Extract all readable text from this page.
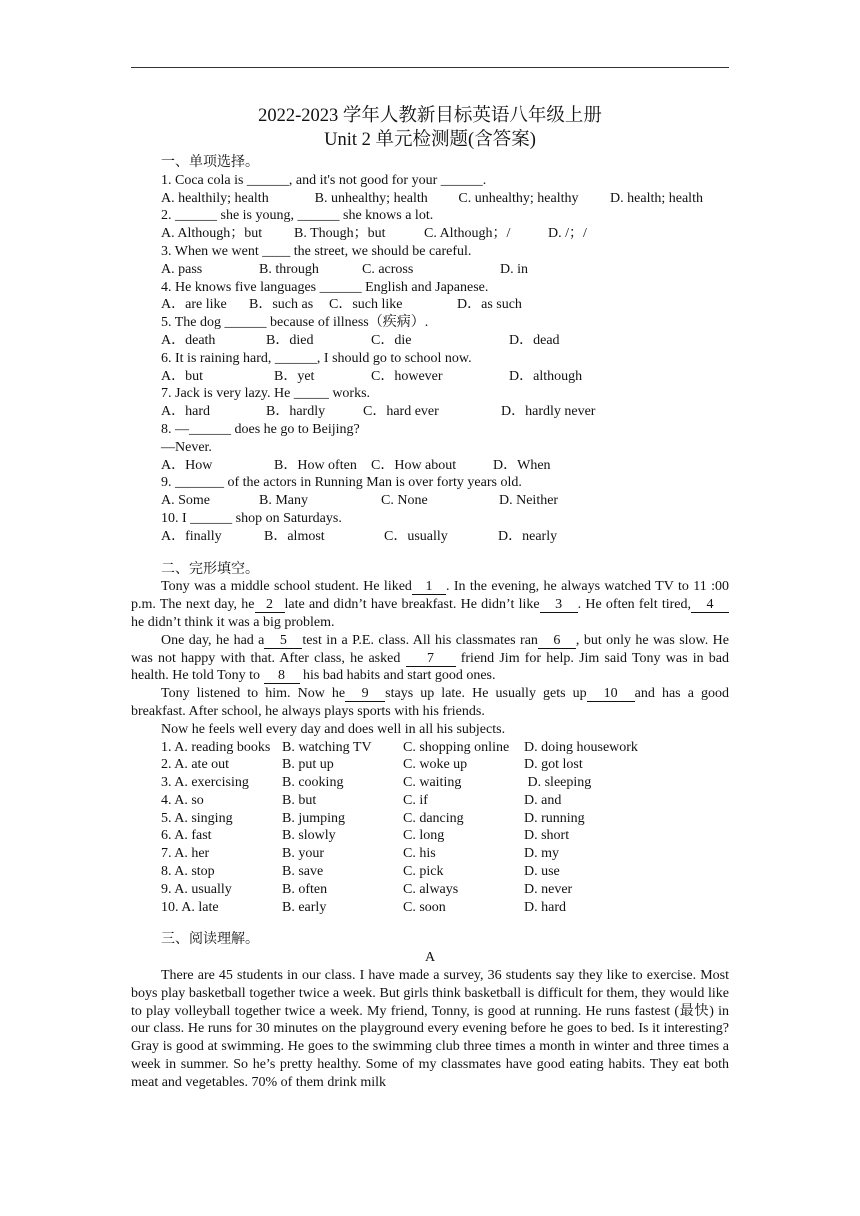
2022-2023 学年人教新目标英语八年级上册

Unit 2 单元检测题(含答案)

一、单项选择。

1. Coca cola is ______, and it's not good for your ______.

A. healthily; health	B. unhealthy; health	C. unhealthy; healthy	D. health; health

2. ______ she is young, ______ she knows a lot.

A. Although；but	B. Though；but	C. Although；/	D. /；/

3. When we went ____ the street, we should be careful.

A. pass	B. through	C. across	D. in

4. He knows five languages ______ English and Japanese.

A．are like	B．such as	C．such like	D．as such

5. The dog ______ because of illness（疾病）.

A．death	B．died	C．die	D．dead

6. It is raining hard, ______, I should go to school now.

A．but	B．yet	C．however	D．although

7. Jack is very lazy. He _____ works.

A．hard	B．hardly	C．hard ever	D．hardly never

8. —______ does he go to Beijing?

—Never.

A．How	B．How often	C．How about	D．When

9. _______ of the actors in Running Man is over forty years old.

A. Some	B. Many	C. None	D. Neither

10. I ______ shop on Saturdays.

A．finally	B．almost	C．usually	D．nearly

二、完形填空。

Tony was a middle school student. He liked 1 . In the evening, he always watched TV to 11 :00 p.m. The next day, he 2 late and didn’t have breakfast. He didn’t like 3 . He often felt tired, 4he didn’t think it was a big problem.

One day, he had a 5 test in a P.E. class. All his classmates ran 6 , but only he was slow. He was not happy with that. After class, he asked 7 friend Jim for help. Jim said Tony was in bad health. He told Tony to 8 his bad habits and start good ones.

Tony listened to him. Now he 9 stays up late. He usually gets up 10 and has a good breakfast. After school, he always plays sports with his friends.

Now he feels well every day and does well in all his subjects.

1. A. reading books B. watching TV	C. shopping online	D. doing housework
2. A. ate out	B. put up	C. woke up	D. got lost
3. A. exercising	B. cooking	C. waiting	D. sleeping
4. A. so	B. but	C. if	D. and
5. A. singing	B. jumping	C. dancing	D. running
6. A. fast	B. slowly	C. long	D. short
7. A. her	B. your	C. his	D. my
8. A. stop	B. save	C. pick	D. use
9. A. usually	B. often	C. always	D. never
10. A. late	B. early	C. soon	D. hard

三、阅读理解。

A

There are 45 students in our class. I have made a survey, 36 students say they like to exercise. Most boys play basketball together twice a week. But girls think basketball is difficult for them, they would like to play volleyball together twice a week. My friend, Tonny, is good at running. He runs fastest (最快) in our class. He runs for 30 minutes on the playground every evening before he goes to bed. Is it interesting? Gray is good at swimming. He goes to the swimming club three times a month in winter and three times a week in summer. So he’s pretty healthy. Some of my classmates have good eating habits. They eat both meat and vegetables. 70% of them drink milk
